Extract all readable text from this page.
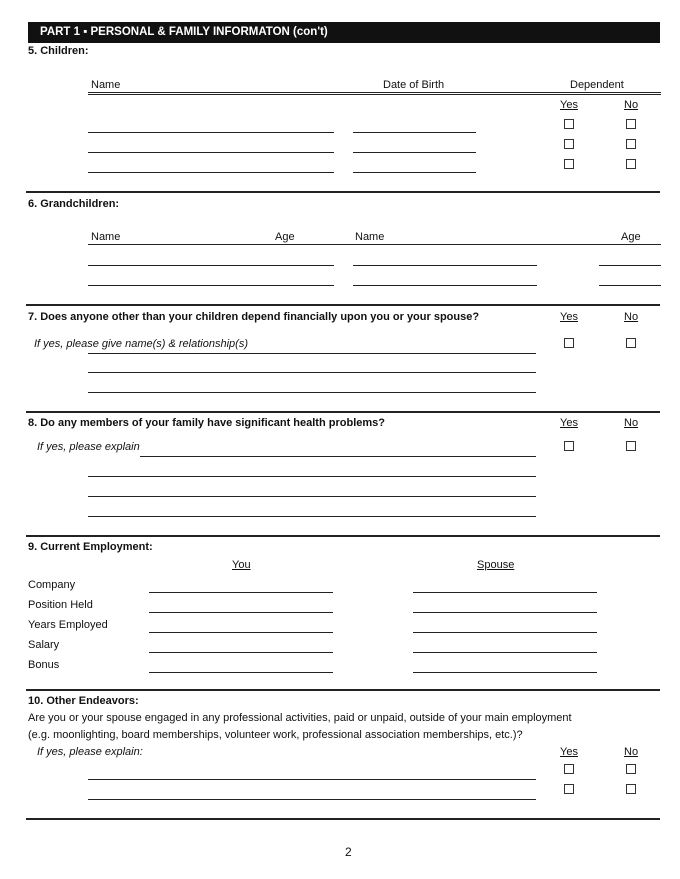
PART 1 ▪ PERSONAL & FAMILY INFORMATON (con't)
5. Children:
Name	Date of Birth	Dependent
Yes	No
6. Grandchildren:
Name	Age	Name	Age
7. Does anyone other than your children depend financially upon you or your spouse?	Yes	No
If yes, please give name(s) & relationship(s)
8. Do any members of your family have significant health problems?	Yes	No
If yes, please explain
9. Current Employment:
You	Spouse
Company
Position Held
Years Employed
Salary
Bonus
10. Other Endeavors:
Are you or your spouse engaged in any professional activities, paid or unpaid, outside of your main employment
(e.g. moonlighting, board memberships, volunteer work, professional association memberships, etc.)?
If yes, please explain:	Yes	No
2
